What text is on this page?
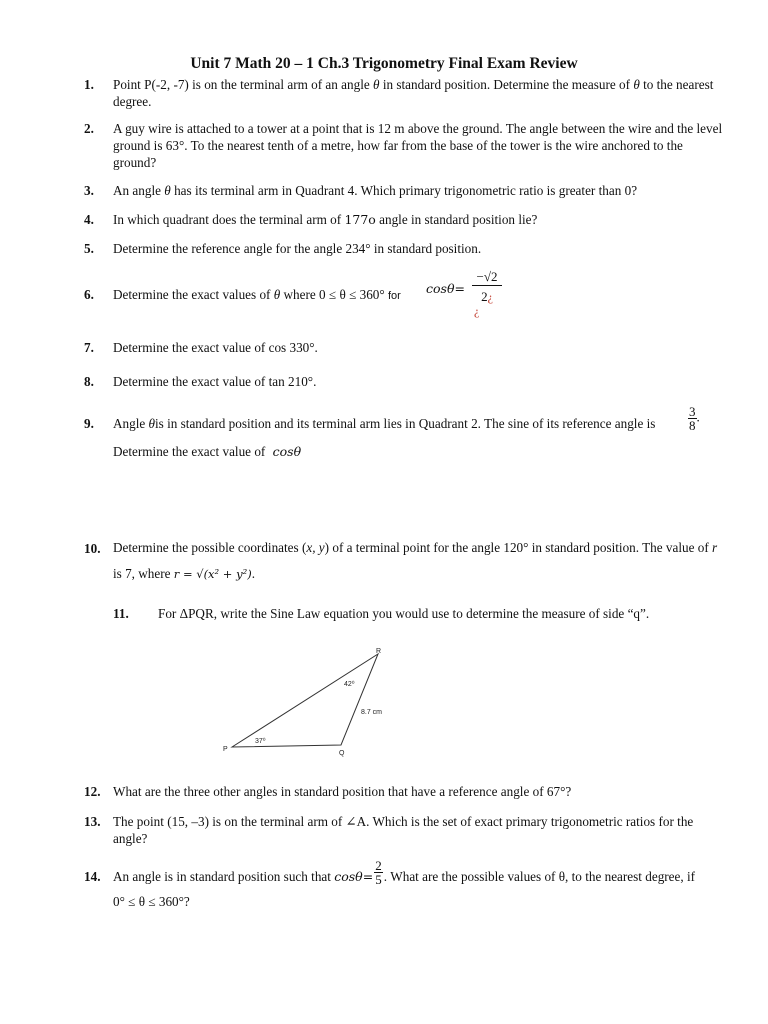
Unit 7 Math 20 – 1 Ch.3 Trigonometry Final Exam Review
1.	Point P(-2, -7) is on the terminal arm of an angle θ in standard position. Determine the measure of θ to the nearest degree.
2.	A guy wire is attached to a tower at a point that is 12 m above the ground. The angle between the wire and the level ground is 63°. To the nearest tenth of a metre, how far from the base of the tower is the wire anchored to the ground?
3.	An angle θ has its terminal arm in Quadrant 4. Which primary trigonometric ratio is greater than 0?
4.	In which quadrant does the terminal arm of 177o angle in standard position lie?
5.	Determine the reference angle for the angle 234° in standard position.
6.	Determine the exact values of θ where 0 ≤ θ ≤ 360° for	cosθ=
−√2
2¿
¿
7.	Determine the exact value of cos 330°.
8.	Determine the exact value of tan 210°.
9.	Angle θis in standard position and its terminal arm lies in Quadrant 2. The sine of its reference angle is	$\frac{3}{8}$ .
Determine the exact value of cosθ
10. Determine the possible coordinates (x, y) of a terminal point for the angle 120° in standard position. The value of r is 7, where r = √(x² + y²).
11. For ΔPQR, write the Sine Law equation you would use to determine the measure of side “q”.
P
Q
R
37⁰
42⁰
8.7 cm
12. What are the three other angles in standard position that have a reference angle of 67°?
13. The point (15, –3) is on the terminal arm of ∠A. Which is the set of exact primary trigonometric ratios for the angle?
14. An angle is in standard position such that $\cos\theta= \frac{2}{5}$ . What are the possible values of θ, to the nearest degree, if
0° ≤ θ ≤ 360°?
